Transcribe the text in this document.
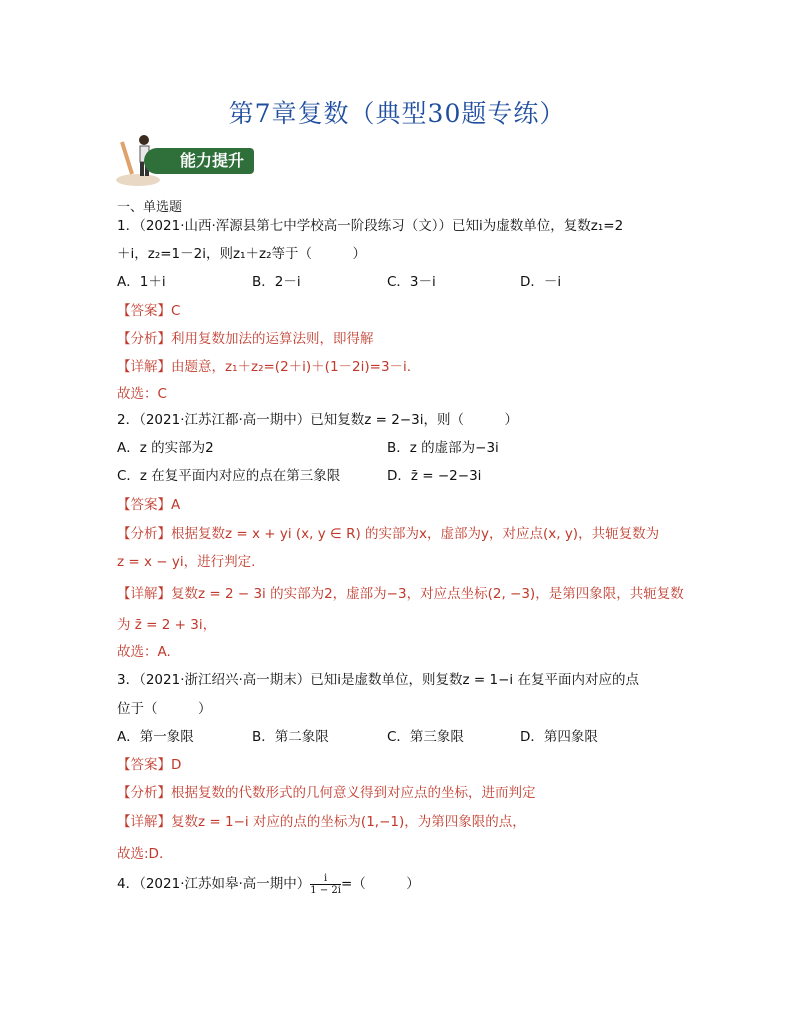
第7章复数（典型30题专练）
能力提升
一、单选题
1．（2021·山西·浑源县第七中学校高一阶段练习（文））已知i为虚数单位，复数z₁=2
＋i，z₂=1－2i，则z₁＋z₂等于（　　　）
A．1＋i	B．2－i	C．3－i	D．－i
【答案】C
【分析】利用复数加法的运算法则，即得解
【详解】由题意，z₁＋z₂=(2＋i)＋(1－2i)=3－i.
故选：C
2．（2021·江苏江都·高一期中）已知复数z = 2−3i，则（　　　）
A．z 的实部为2	B．z 的虚部为−3i
C．z 在复平面内对应的点在第三象限	D．z̄ = −2−3i
【答案】A
【分析】根据复数z = x + yi (x, y ∈ R) 的实部为x，虚部为y，对应点(x, y)，共轭复数为
z = x − yi，进行判定.
【详解】复数z = 2 − 3i 的实部为2，虚部为−3，对应点坐标(2, −3)，是第四象限，共轭复数
为 z̄ = 2 + 3i，
故选：A.
3．（2021·浙江绍兴·高一期末）已知i是虚数单位，则复数z = 1−i 在复平面内对应的点
位于（　　　）
A．第一象限	B．第二象限	C．第三象限	D．第四象限
【答案】D
【分析】根据复数的代数形式的几何意义得到对应点的坐标，进而判定
【详解】复数z = 1−i 对应的点的坐标为(1,−1)，为第四象限的点，
故选:D.
4．（2021·江苏如皋·高一期中） $\frac{i}{1 - 2i}$ =（　　　）
